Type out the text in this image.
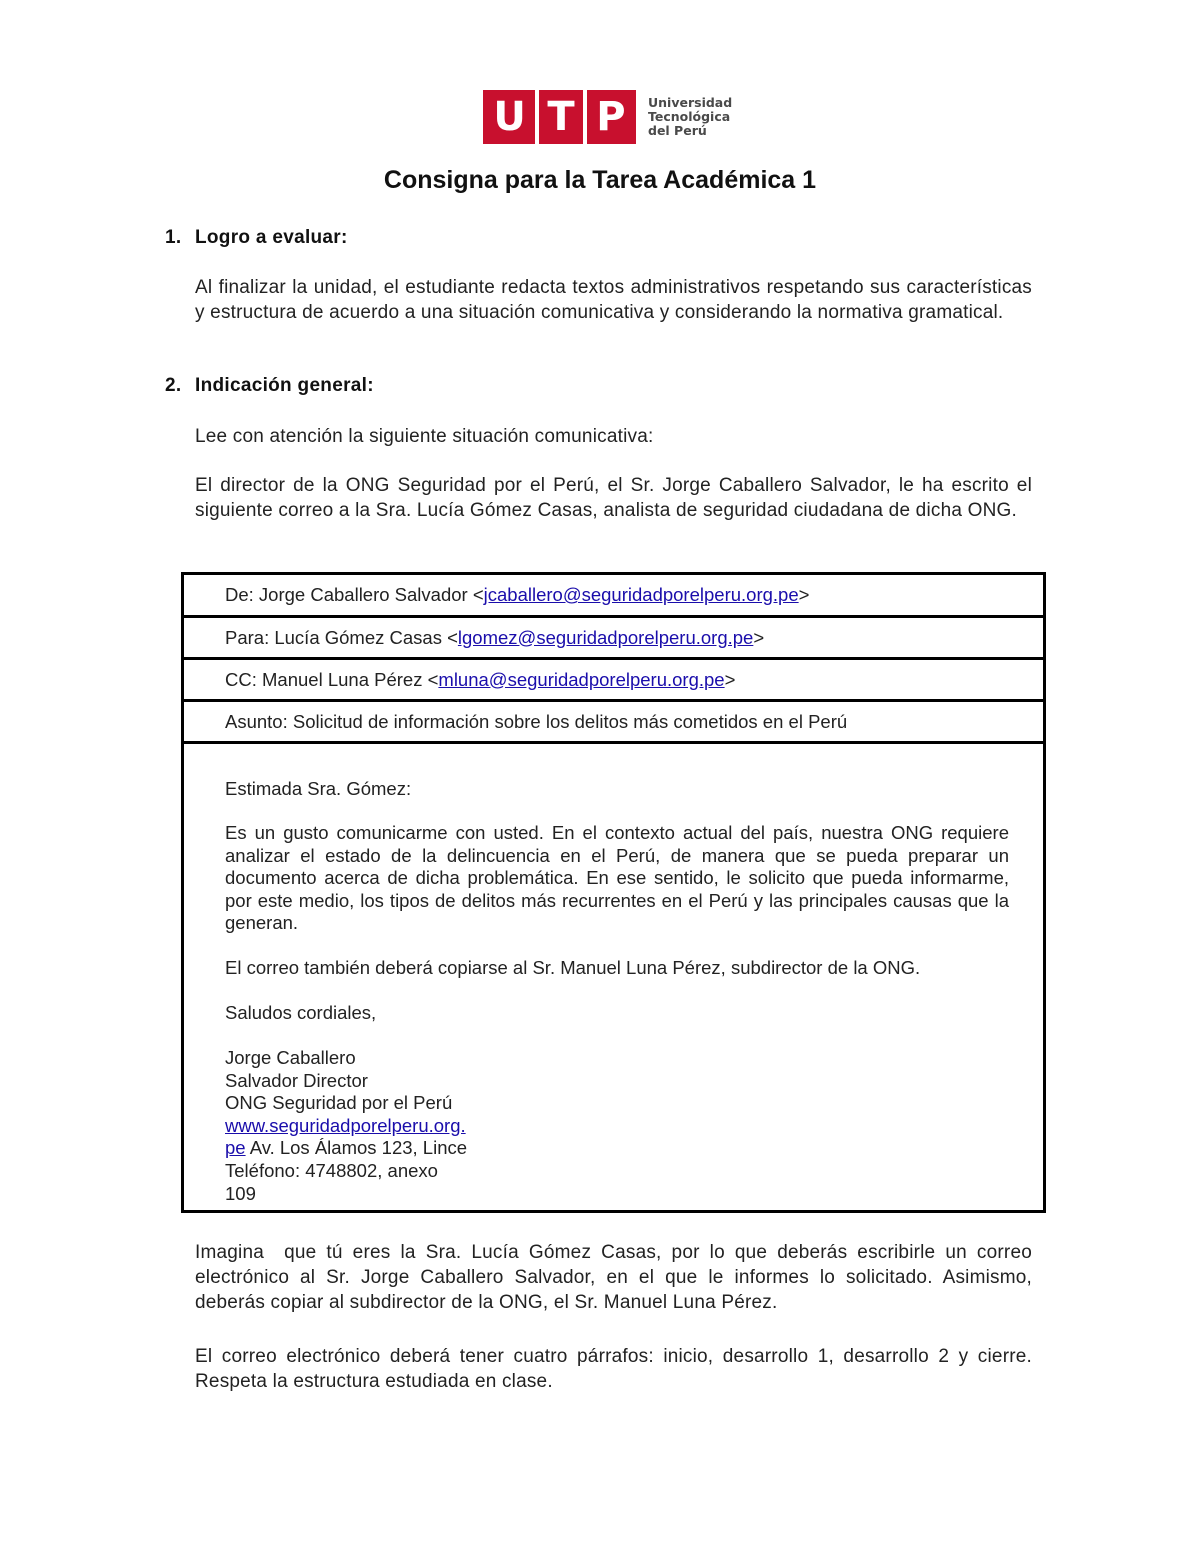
U T P Universidad
Tecnológica
del Perú
Consigna para la Tarea Académica 1
1. Logro a evaluar:
Al finalizar la unidad, el estudiante redacta textos administrativos respetando sus características y estructura de acuerdo a una situación comunicativa y considerando la normativa gramatical.
2. Indicación general:
Lee con atención la siguiente situación comunicativa:
El director de la ONG Seguridad por el Perú, el Sr. Jorge Caballero Salvador, le ha escrito el siguiente correo a la Sra. Lucía Gómez Casas, analista de seguridad ciudadana de dicha ONG.
De: Jorge Caballero Salvador < jcaballero@seguridadporelperu.org.pe >
Para: Lucía Gómez Casas < lgomez@seguridadporelperu.org.pe >
CC: Manuel Luna Pérez < mluna@seguridadporelperu.org.pe >
Asunto: Solicitud de información sobre los delitos más cometidos en el Perú
Estimada Sra. Gómez:
Es un gusto comunicarme con usted. En el contexto actual del país, nuestra ONG requiere analizar el estado de la delincuencia en el Perú, de manera que se pueda preparar un documento acerca de dicha problemática. En ese sentido, le solicito que pueda informarme, por este medio, los tipos de delitos más recurrentes en el Perú y las principales causas que la generan.
El correo también deberá copiarse al Sr. Manuel Luna Pérez, subdirector de la ONG.
Saludos cordiales,
Jorge Caballero
Salvador Director
ONG Seguridad por el Perú
www.seguridadporelperu.org.
pe Av. Los Álamos 123, Lince
Teléfono: 4748802, anexo
109
Imagina  que tú eres la Sra. Lucía Gómez Casas, por lo que deberás escribirle un correo electrónico al Sr. Jorge Caballero Salvador, en el que le informes lo solicitado. Asimismo, deberás copiar al subdirector de la ONG, el Sr. Manuel Luna Pérez.
El correo electrónico deberá tener cuatro párrafos: inicio, desarrollo 1, desarrollo 2 y cierre. Respeta la estructura estudiada en clase.
